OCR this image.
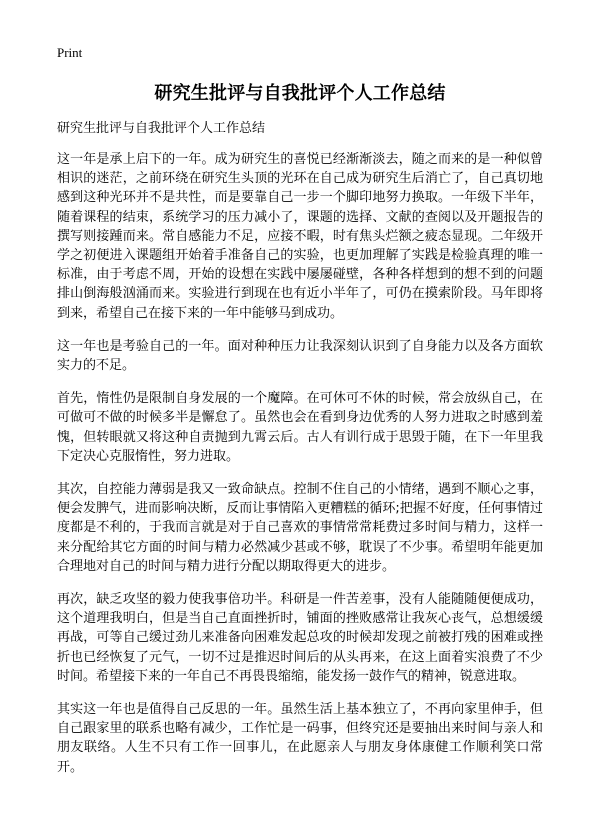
Print
研究生批评与自我批评个人工作总结
研究生批评与自我批评个人工作总结

这一年是承上启下的一年。成为研究生的喜悦已经渐渐淡去，随之而来的是一种似曾相识的迷茫，之前环绕在研究生头顶的光环在自己成为研究生后消亡了，自己真切地感到这种光环并不是共性，而是要靠自己一步一个脚印地努力换取。一年级下半年，随着课程的结束，系统学习的压力减小了，课题的选择、文献的查阅以及开题报告的撰写则接踵而来。常自感能力不足，应接不暇，时有焦头烂额之疲态显现。二年级开学之初便进入课题组开始着手准备自己的实验，也更加理解了实践是检验真理的唯一标准，由于考虑不周，开始的设想在实践中屡屡碰壁，各种各样想到的想不到的问题排山倒海般汹涌而来。实验进行到现在也有近小半年了，可仍在摸索阶段。马年即将到来，希望自己在接下来的一年中能够马到成功。

这一年也是考验自己的一年。面对种种压力让我深刻认识到了自身能力以及各方面软实力的不足。

首先，惰性仍是限制自身发展的一个魔障。在可休可不休的时候，常会放纵自己，在可做可不做的时候多半是懈怠了。虽然也会在看到身边优秀的人努力进取之时感到羞愧，但转眼就又将这种自责抛到九霄云后。古人有训行成于思毁于随，在下一年里我下定决心克服惰性，努力进取。

其次，自控能力薄弱是我又一致命缺点。控制不住自己的小情绪，遇到不顺心之事，便会发脾气，进而影响决断，反而让事情陷入更糟糕的循环;把握不好度，任何事情过度都是不利的，于我而言就是对于自己喜欢的事情常常耗费过多时间与精力，这样一来分配给其它方面的时间与精力必然减少甚或不够，耽误了不少事。希望明年能更加合理地对自己的时间与精力进行分配以期取得更大的进步。

再次，缺乏攻坚的毅力使我事倍功半。科研是一件苦差事，没有人能随随便便成功，这个道理我明白，但是当自己直面挫折时，铺面的挫败感常让我灰心丧气，总想缓缓再战，可等自己缓过劲儿来准备向困难发起总攻的时候却发现之前被打残的困难或挫折也已经恢复了元气，一切不过是推迟时间后的从头再来，在这上面着实浪费了不少时间。希望接下来的一年自己不再畏畏缩缩，能发扬一鼓作气的精神，锐意进取。

其实这一年也是值得自己反思的一年。虽然生活上基本独立了，不再向家里伸手，但自己跟家里的联系也略有减少，工作忙是一码事，但终究还是要抽出来时间与亲人和朋友联络。人生不只有工作一回事儿，在此愿亲人与朋友身体康健工作顺利笑口常开。
